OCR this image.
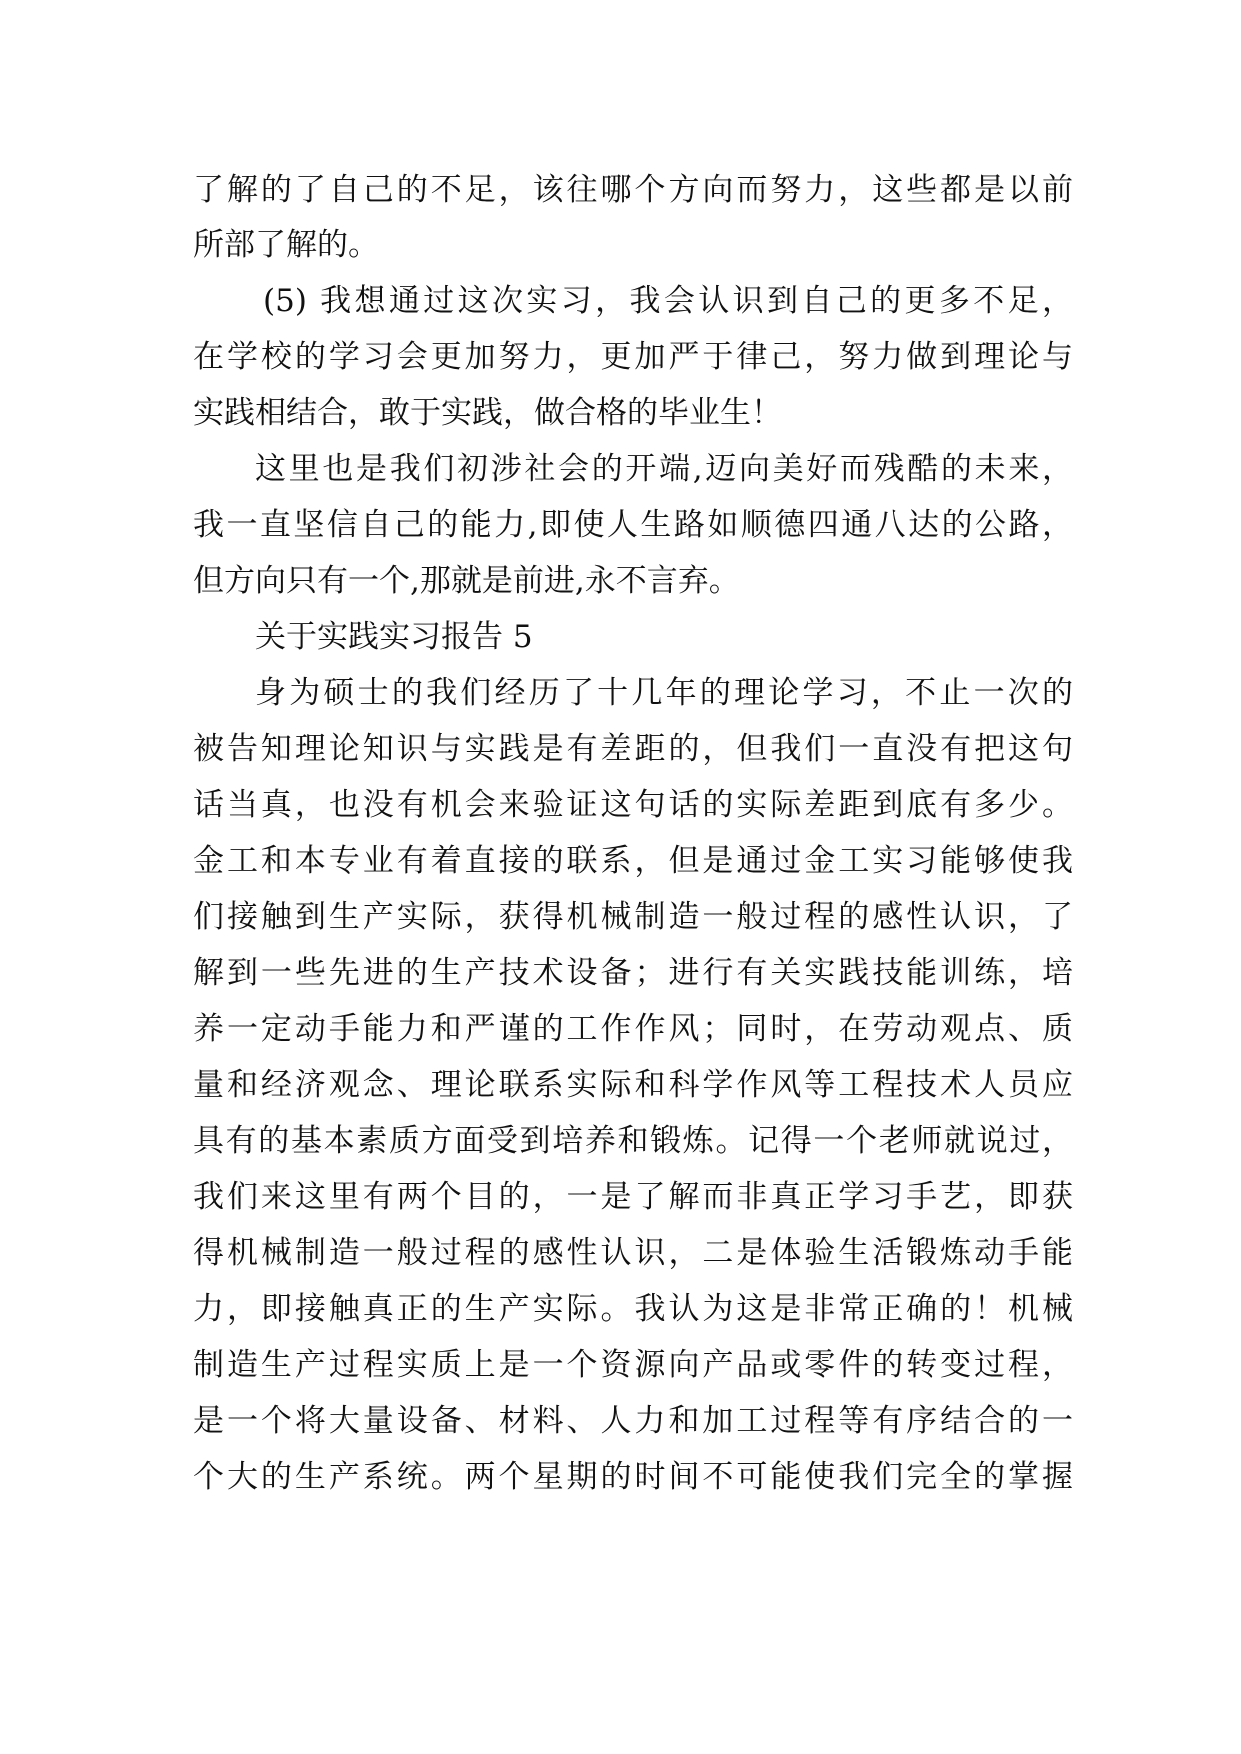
了解的了自己的不足，该往哪个方向而努力，这些都是以前
所部了解的。
(5) 我想通过这次实习，我会认识到自己的更多不足，
在学校的学习会更加努力，更加严于律己，努力做到理论与
实践相结合，敢于实践，做合格的毕业生！
这里也是我们初涉社会的开端,迈向美好而残酷的未来，
我一直坚信自己的能力,即使人生路如顺德四通八达的公路，
但方向只有一个,那就是前进,永不言弃。
关于实践实习报告 5
身为硕士的我们经历了十几年的理论学习，不止一次的
被告知理论知识与实践是有差距的，但我们一直没有把这句
话当真，也没有机会来验证这句话的实际差距到底有多少。
金工和本专业有着直接的联系，但是通过金工实习能够使我
们接触到生产实际，获得机械制造一般过程的感性认识，了
解到一些先进的生产技术设备；进行有关实践技能训练，培
养一定动手能力和严谨的工作作风；同时，在劳动观点、质
量和经济观念、理论联系实际和科学作风等工程技术人员应
具有的基本素质方面受到培养和锻炼。记得一个老师就说过，
我们来这里有两个目的，一是了解而非真正学习手艺，即获
得机械制造一般过程的感性认识，二是体验生活锻炼动手能
力，即接触真正的生产实际。我认为这是非常正确的！机械
制造生产过程实质上是一个资源向产品或零件的转变过程，
是一个将大量设备、材料、人力和加工过程等有序结合的一
个大的生产系统。两个星期的时间不可能使我们完全的掌握
